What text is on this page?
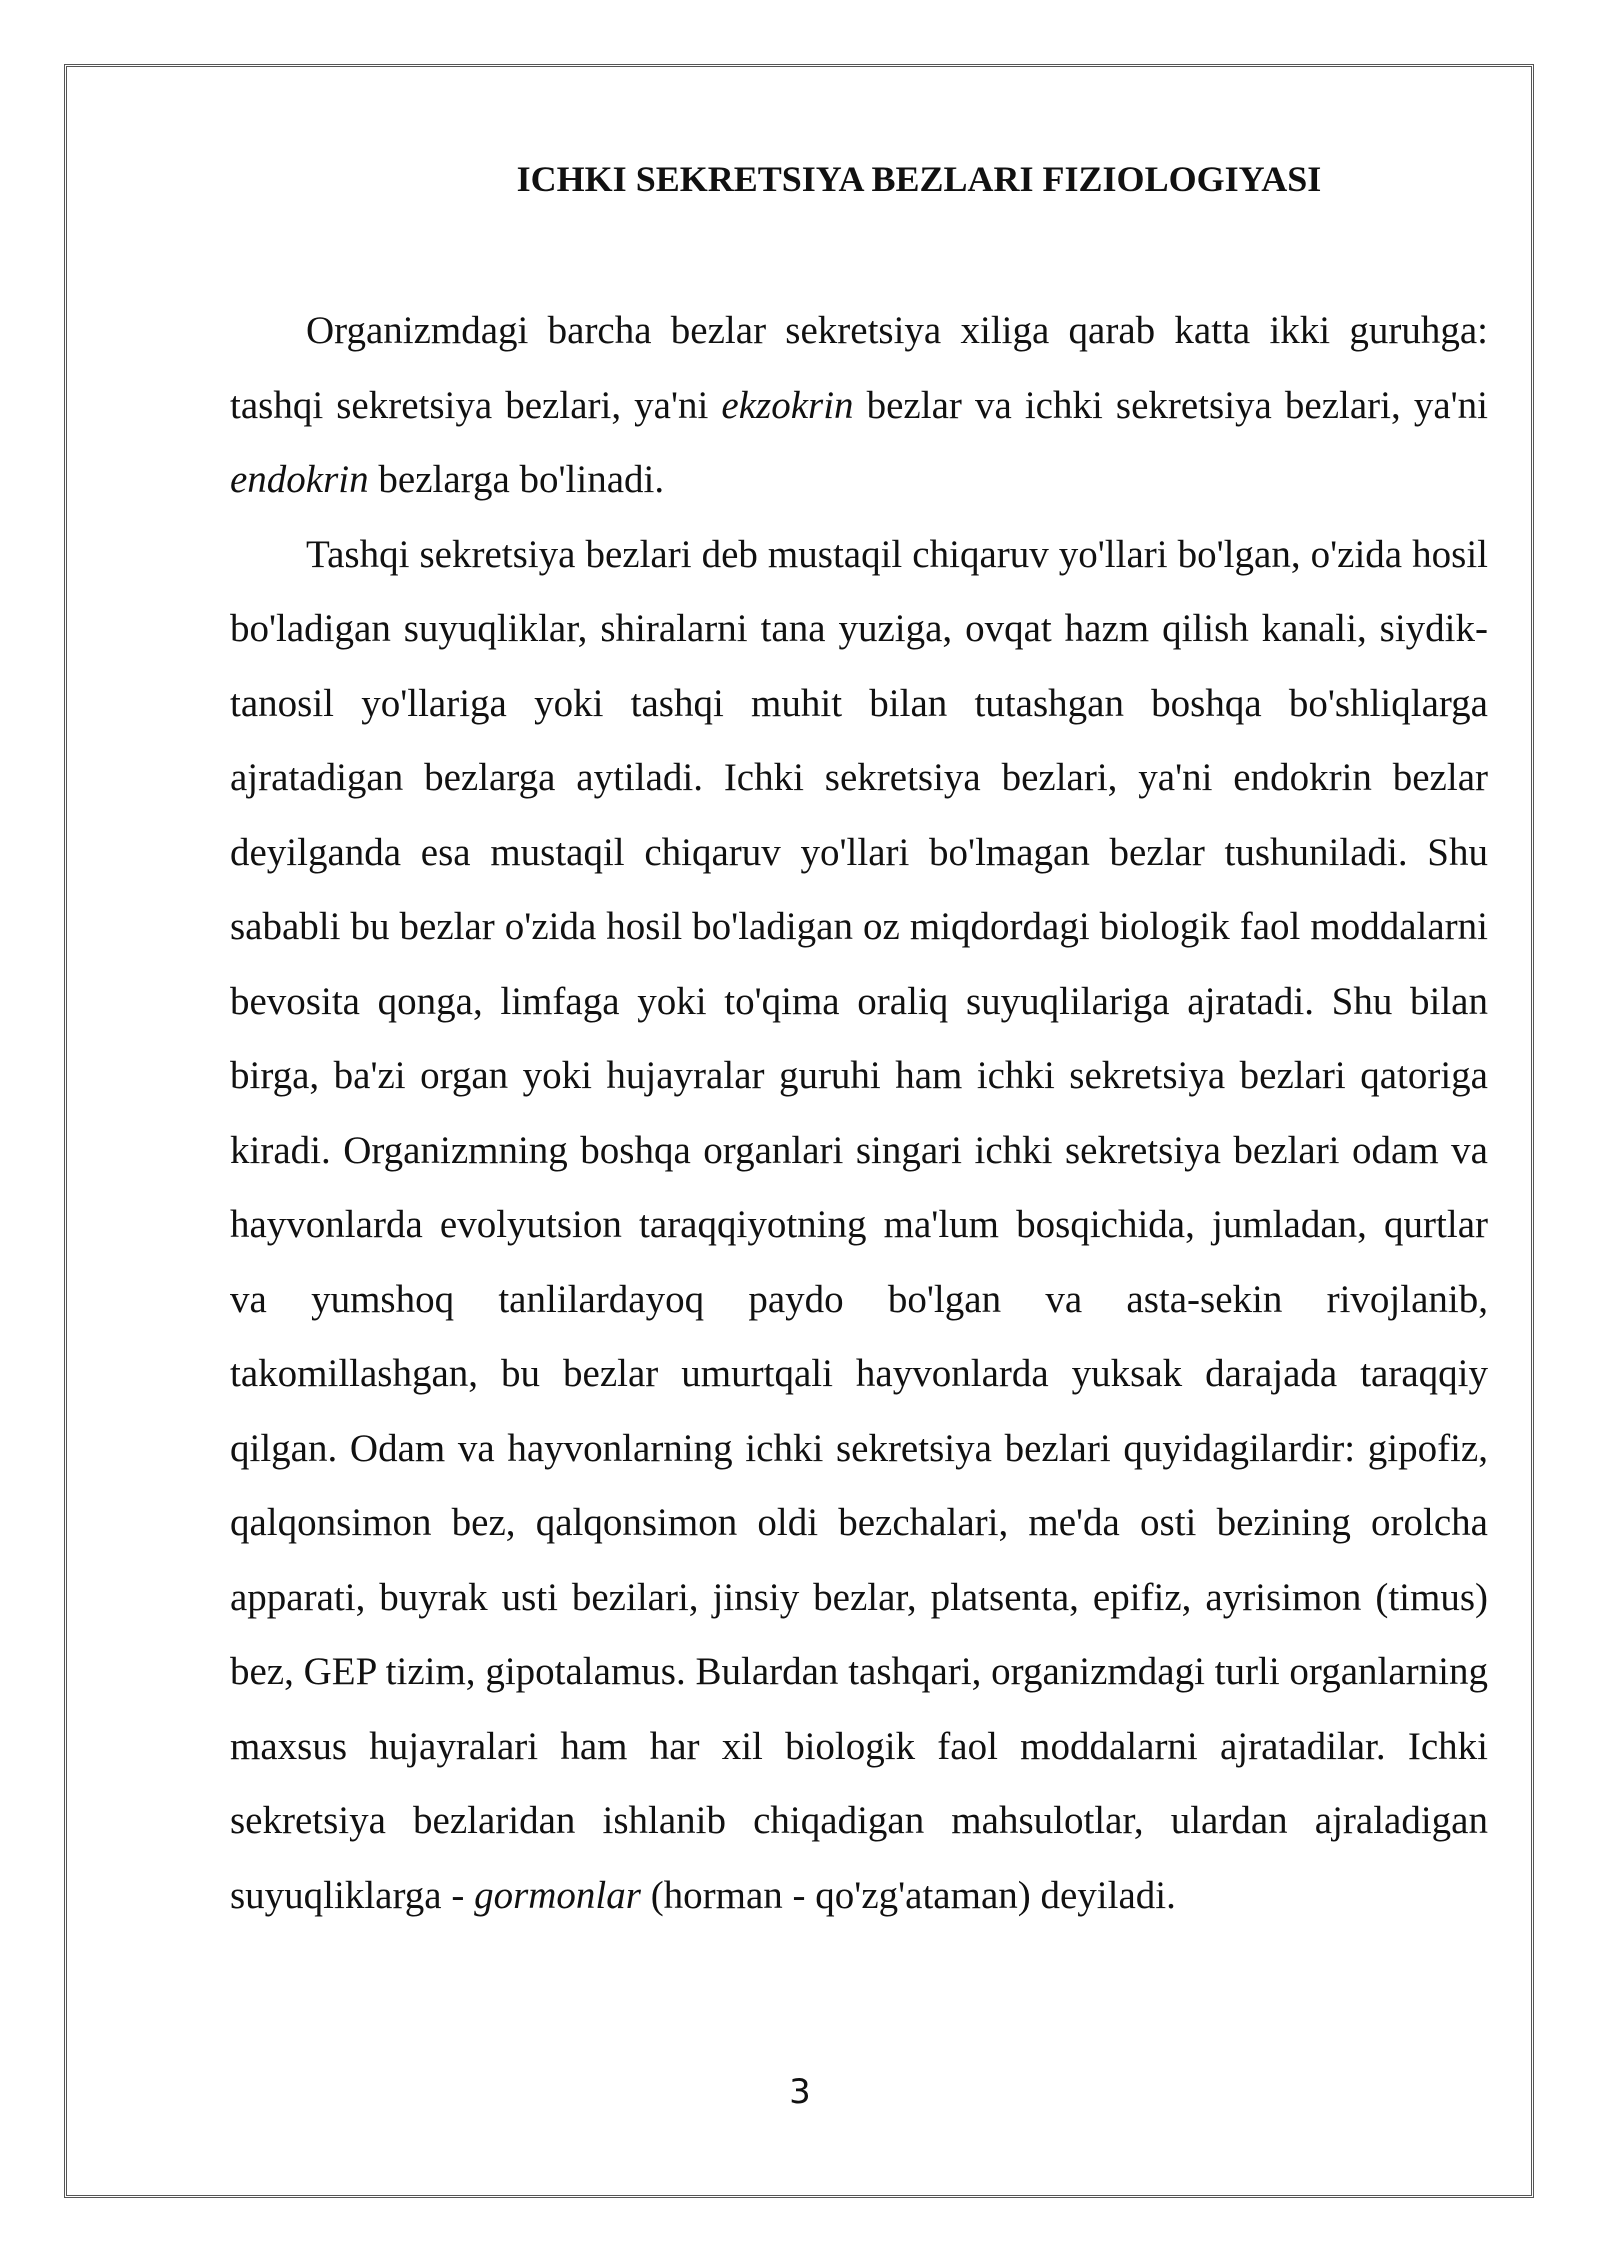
ICHKI SEKRETSIYA BEZLARI FIZIOLOGIYASI

Organizmdagi barcha bezlar sekretsiya xiliga qarab katta ikki guruhga: tashqi sekretsiya bezlari, ya'ni ekzokrin bezlar va ichki sekretsiya bezlari, ya'ni endokrin bezlarga bo'linadi.

Tashqi sekretsiya bezlari deb mustaqil chiqaruv yo'llari bo'lgan, o'zida hosil bo'ladigan suyuqliklar, shiralarni tana yuziga, ovqat hazm qilish kanali, siydik-tanosil yo'llariga yoki tashqi muhit bilan tutashgan boshqa bo'shliqlarga ajratadigan bezlarga aytiladi. Ichki sekretsiya bezlari, ya'ni endokrin bezlar deyilganda esa mustaqil chiqaruv yo'llari bo'lmagan bezlar tushuniladi. Shu sababli bu bezlar o'zida hosil bo'ladigan oz miqdordagi biologik faol moddalarni bevosita qonga, limfaga yoki to'qima oraliq suyuqlilariga ajratadi. Shu bilan birga, ba'zi organ yoki hujayralar guruhi ham ichki sekretsiya bezlari qatoriga kiradi. Organizmning boshqa organlari singari ichki sekretsiya bezlari odam va hayvonlarda evolyutsion taraqqiyotning ma'lum bosqichida, jumladan, qurtlar va yumshoq tanlilardayoq paydo bo'lgan va asta-sekin rivojlanib, takomillashgan, bu bezlar umurtqali hayvonlarda yuksak darajada taraqqiy qilgan. Odam va hayvonlarning ichki sekretsiya bezlari quyidagilardir: gipofiz, qalqonsimon bez, qalqonsimon oldi bezchalari, me'da osti bezining orolcha apparati, buyrak usti bezilari, jinsiy bezlar, platsenta, epifiz, ayrisimon (timus) bez, GEP tizim, gipotalamus. Bulardan tashqari, organizmdagi turli organlarning maxsus hujayralari ham har xil biologik faol moddalarni ajratadilar. Ichki sekretsiya bezlaridan ishlanib chiqadigan mahsulotlar, ulardan ajraladigan suyuqliklarga - gormonlar (horman - qo'zg'ataman) deyiladi.

3
